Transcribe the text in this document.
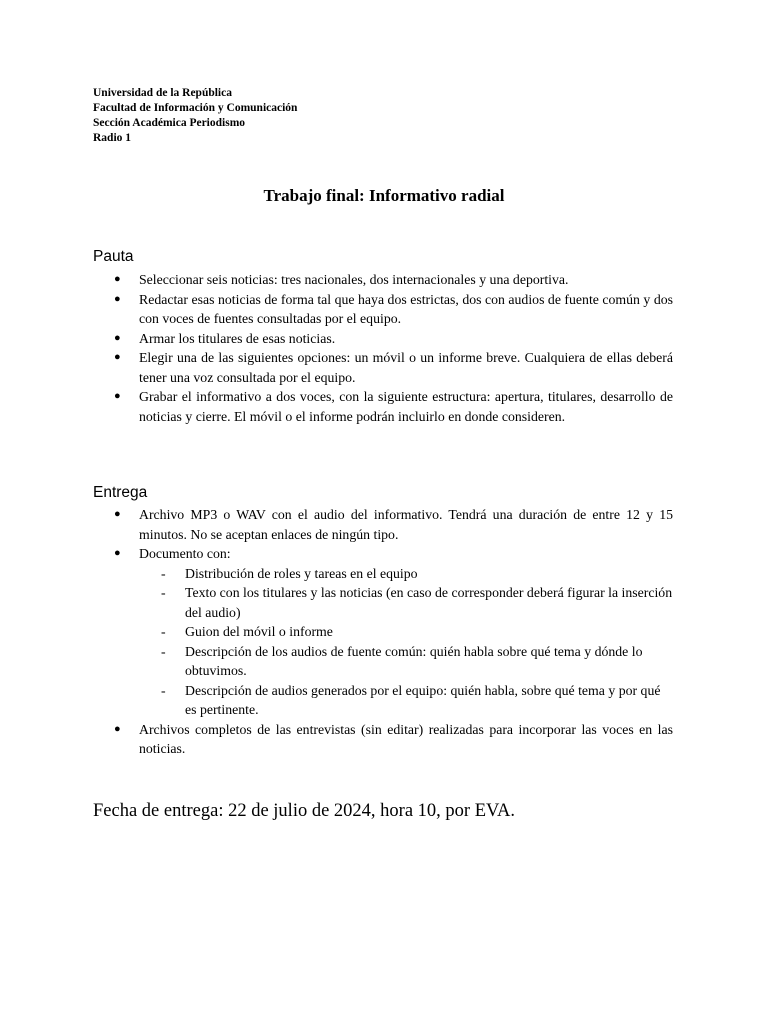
Universidad de la República
Facultad de Información y Comunicación
Sección Académica Periodismo
Radio 1
Trabajo final: Informativo radial
Pauta
● Seleccionar seis noticias: tres nacionales, dos internacionales y una deportiva.
● Redactar esas noticias de forma tal que haya dos estrictas, dos con audios de fuente común y dos con voces de fuentes consultadas por el equipo.
● Armar los titulares de esas noticias.
● Elegir una de las siguientes opciones: un móvil o un informe breve. Cualquiera de ellas deberá tener una voz consultada por el equipo.
● Grabar el informativo a dos voces, con la siguiente estructura: apertura, titulares, desarrollo de noticias y cierre. El móvil o el informe podrán incluirlo en donde consideren.
Entrega
● Archivo MP3 o WAV con el audio del informativo. Tendrá una duración de entre 12 y 15 minutos. No se aceptan enlaces de ningún tipo.
● Documento con:
- Distribución de roles y tareas en el equipo
- Texto con los titulares y las noticias (en caso de corresponder deberá figurar la inserción del audio)
- Guion del móvil o informe
- Descripción de los audios de fuente común: quién habla sobre qué tema y dónde lo obtuvimos.
- Descripción de audios generados por el equipo: quién habla, sobre qué tema y por qué es pertinente.
● Archivos completos de las entrevistas (sin editar) realizadas para incorporar las voces en las noticias.
Fecha de entrega: 22 de julio de 2024, hora 10, por EVA.
